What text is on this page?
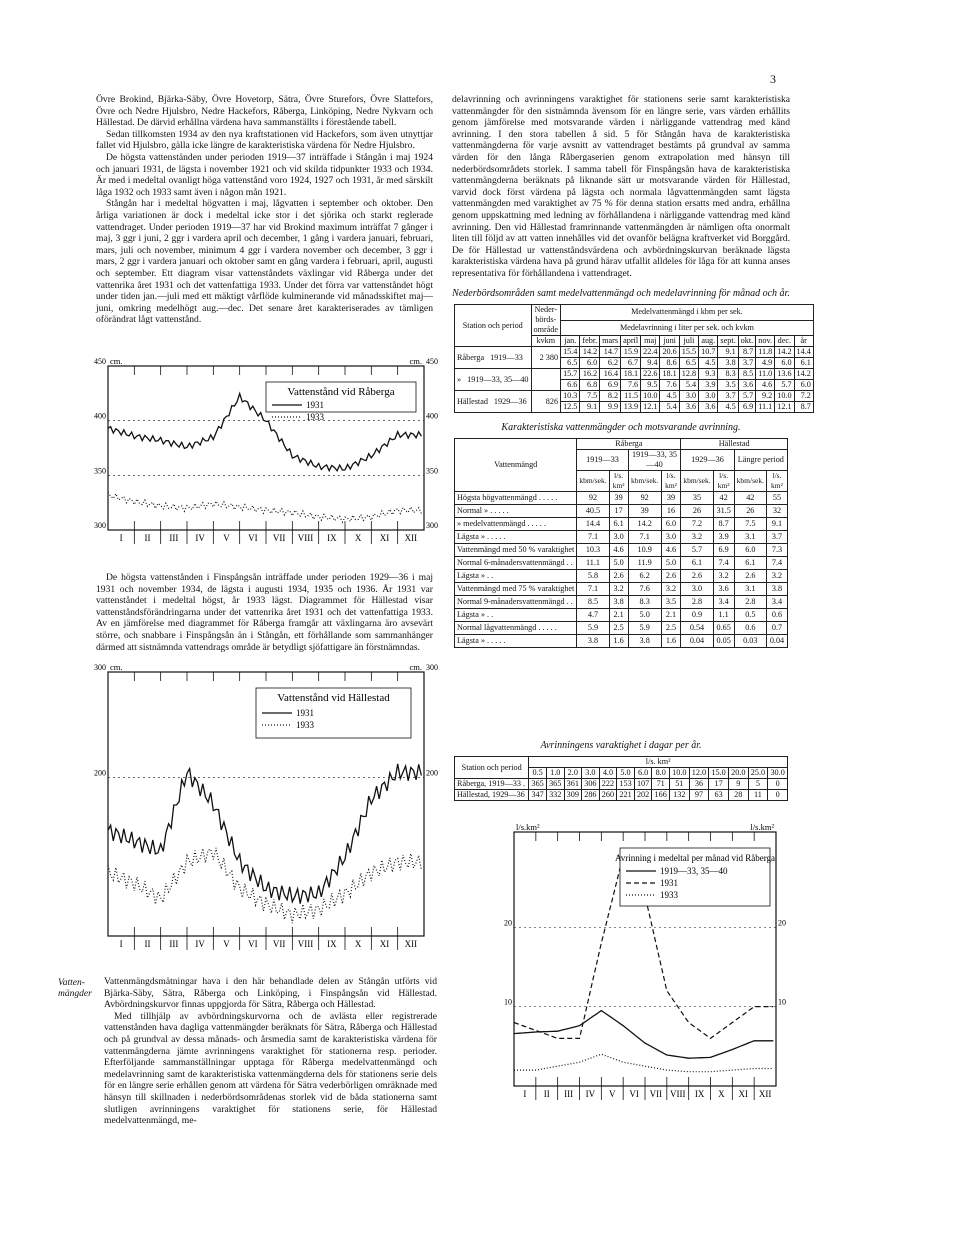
3

Övre Brokind, Bjärka-Säby, Övre Hovetorp, Sätra, Övre Sturefors, Övre Slattefors, Övre och Nedre Hjulsbro, Nedre Hackefors, Råberga, Linköping, Nedre Nykvarn och Hällestad. De därvid erhållna värdena hava sammanställts i förestående tabell.

Sedan tillkomsten 1934 av den nya kraftstationen vid Hackefors, som även utnyttjar fallet vid Hjulsbro, gälla icke längre de karakteristiska värdena för Nedre Hjulsbro.

De högsta vattenständen under perioden 1919—37 inträffade i Stångån i maj 1924 och januari 1931, de lägsta i november 1921 och vid skilda tidpunkter 1933 och 1934. Är med i medeltal ovanligt höga vattenstånd voro 1924, 1927 och 1931, år med särskilt låga 1932 och 1933 samt även i någon mån 1921.

Stångån har i medeltal högvatten i maj, lågvatten i september och oktober. Den årliga variationen är dock i medeltal icke stor i det sjörika och starkt reglerade vattendraget. Under perioden 1919—37 har vid Brokind maximum inträffat 7 gånger i maj, 3 ggr i juni, 2 ggr i vardera april och december, 1 gång i vardera januari, februari, mars, juli och november, minimum 4 ggr i vardera november och december, 3 ggr i mars, 2 ggr i vardera januari och oktober samt en gång vardera i februari, april, augusti och september. Ett diagram visar vattenståndets växlingar vid Råberga under det vattenrika året 1931 och det vattenfattiga 1933. Under det förra var vattenståndet högt under tiden jan.—juli med ett mäktigt vårflöde kulminerande vid månadsskiftet maj—juni, omkring medelhögt aug.—dec. Det senare året karakteriserades av tämligen oförändrat lågt vattenstånd.

I II III IV V VI VII VIII IX X XI XII
450	450
400	400
350	350
300	300
cm.	cm.
Vattenstånd vid Råberga
1931
1933

De högsta vattenstånden i Finspångsån inträffade under perioden 1929—36 i maj 1931 och november 1934, de lägsta i augusti 1934, 1935 och 1936. År 1931 var vattenståndet i medeltal högst, år 1933 lägst. Diagrammet för Hällestad visar vattenståndsförändringarna under det vattenrika året 1931 och det vattenfattiga 1933. Av en jämförelse med diagrammet för Råberga framgår att växlingarna äro avsevärt större, och snabbare i Finspångsån än i Stångån, ett förhållande som sammanhänger därmed att sistnämnda vattendrags område är betydligt sjöfattigare än förstnämndas.

I II III IV V VI VII VIII IX X XI XII
300	300
200	200
cm.	cm.
Vattenstånd vid Hällestad
1931
1933
Vatten-
mängder

Vattenmängdsmätningar hava i den här behandlade delen av Stångån utförts vid Bjärka-Säby, Sätra, Råberga och Linköping, i Finspångsån vid Hällestad. Avbördningskurvor finnas uppgjorda för Sätra, Råberga och Hällestad.

Med tillhjälp av avbördningskurvorna och de avlästa eller registrerade vattenstånden hava dagliga vattenmängder beräknats för Sätra, Råberga och Hällestad och på grundval av dessa månads- och årsmedia samt de karakteristiska värdena för vattenmängderna jämte avrinningens varaktighet för stationerna resp. perioder. Efterföljande sammanställningar upptaga för Råberga medelvattenmängd och medelavrinning samt de karakteristiska vattenmängderna dels för stationens serie dels för en längre serie erhållen genom att värdena för Sätra vederbörligen omräknade med hänsyn till skillnaden i nederbördsområdenas storlek vid de båda stationerna samt slutligen avrinningens varaktighet för stationens serie, för Hällestad medelvattenmängd, me-

delavrinning och avrinningens varaktighet för stationens serie samt karakteristiska vattenmängder för den sistnämnda ävensom för en längre serie, vars värden erhållits genom jämförelse med motsvarande värden i närliggande vattendrag med känd avrinning. I den stora tabellen å sid. 5 för Stångån hava de karakteristiska vattenmängderna för varje avsnitt av vattendraget bestämts på grundval av samma värden för den långa Råbergaserien genom extrapolation med hänsyn till nederbördsområdets storlek. I samma tabell för Finspångsån hava de karakteristiska vattenmängderna beräknats på liknande sätt ur motsvarande värden för Hällestad, varvid dock först värdena på lägsta och normala lågvattenmängden samt lägsta vattenmängden med varaktighet av 75 % för denna station ersatts med andra, erhållna genom uppskattning med ledning av förhållandena i närliggande vattendrag med känd avrinning. Den vid Hällestad framrinnande vattenmängden är nämligen ofta onormalt liten till följd av att vatten innehålles vid det ovanför belägna kraftverket vid Borggård. De för Hällestad ur vattenståndsvärdena och avbördningskurvan beräknade lägsta karakteristiska värdena hava på grund härav utfallit alldeles för låga för att kunna anses representativa för förhållandena i vattendraget.

Nederbördsområden samt medelvattenmängd och medelavrinning för månad och år.
Station och period	Neder- börds- område	Medelvattenmängd i kbm per sek.												
		Medelavrinning i liter per sek. och kvkm												
	kvkm	jan.	febr.	mars	april	maj	juni	juli	aug.	sept.	okt.	nov.	dec.	år
Råberga 1919—33	2 380	15.4	14.2	14.7	15.9	22.4	20.6	15.5	10.7	9.1	8.7	11.8	14.2	14.4
		6.5	6.0	6.2	6.7	9.4	8.6	6.5	4.5	3.8	3.7	4.9	6.0	6.1
» 1919—33, 35—40		15.7	16.2	16.4	18.1	22.6	18.1	12.8	9.3	8.3	8.5	11.0	13.6	14.2
		6.6	6.8	6.9	7.6	9.5	7.6	5.4	3.9	3.5	3.6	4.6	5.7	6.0
Hällestad 1929—36	826	10.3	7.5	8.2	11.5	10.0	4.5	3.0	3.0	3.7	5.7	9.2	10.0	7.2
		12.5	9.1	9.9	13.9	12.1	5.4	3.6	3.6	4.5	6.9	11.1	12.1	8.7
Karakteristiska vattenmängder och motsvarande avrinning.
Vattenmängd	Råberga				Hällestad			
	1919—33		1919—33, 35—40		1929—36		Längre period	
	kbm/sek.	l/s. km²	kbm/sek.	l/s. km²	kbm/sek.	l/s. km²	kbm/sek.	l/s. km²
Högsta högvattenmängd . . . . .	92	39	92	39	35	42	42	55
Normal » . . . . .	40.5	17	39	16	26	31.5	26	32
» medelvattenmängd . . . . .	14.4	6.1	14.2	6.0	7.2	8.7	7.5	9.1
Lägsta » . . . . .	7.1	3.0	7.1	3.0	3.2	3.9	3.1	3.7
Vattenmängd med 50 % varaktighet	10.3	4.6	10.9	4.6	5.7	6.9	6.0	7.3
Normal 6-månadersvattenmängd . .	11.1	5.0	11.9	5.0	6.1	7.4	6.1	7.4
Lägsta » . .	5.8	2.6	6.2	2.6	2.6	3.2	2.6	3.2
Vattenmängd med 75 % varaktighet	7.1	3.2	7.6	3.2	3.0	3.6	3.1	3.8
Normal 9-månadersvattenmängd . .	8.5	3.8	8.3	3.5	2.8	3.4	2.8	3.4
Lägsta » . .	4.7	2.1	5.0	2.1	0.9	1.1	0.5	0.6
Normal lågvattenmängd . . . . .	5.9	2.5	5.9	2.5	0.54	0.65	0.6	0.7
Lägsta » . . . . .	3.8	1.6	3.8	1.6	0.04	0.05	0.03	0.04
Avrinningens varaktighet i dagar per år.
Station och period	l/s. km²													
	0.5	1.0	2.0	3.0	4.0	5.0	6.0	8.0	10.0	12.0	15.0	20.0	25.0	30.0
Råberga, 1919—33 .	365	365	361	306	222	153	107	71	51	36	17	9	5	0
Hällestad, 1929—36	347	332	309	286	260	221	202	166	132	97	63	28	11	0
I II III IV V VI VII VIII IX X XI XII
20	20
10	10
l/s.km²	l/s.km²
Avrinning i medeltal per månad vid Råberga
1919—33, 35—40
1931
1933
